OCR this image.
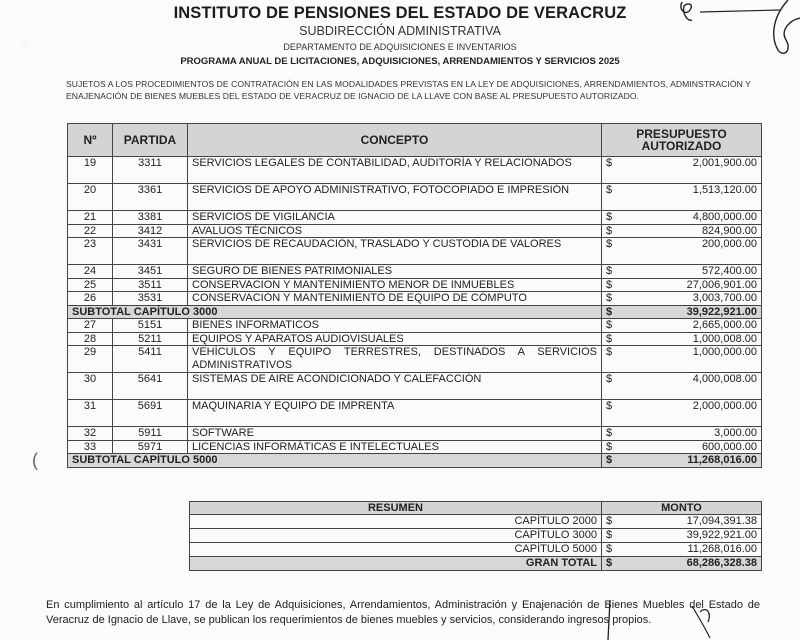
◌
INSTITUTO DE PENSIONES DEL ESTADO DE VERACRUZ
SUBDIRECCIÓN ADMINISTRATIVA
DEPARTAMENTO DE ADQUISICIONES E INVENTARIOS
PROGRAMA ANUAL DE LICITACIONES, ADQUISICIONES, ARRENDAMIENTOS Y SERVICIOS 2025
SUJETOS A LOS PROCEDIMIENTOS DE CONTRATACIÓN EN LAS MODALIDADES PREVISTAS EN LA LEY DE ADQUISICIONES, ARRENDAMIENTOS, ADMINSTRACIÓN Y ENAJENACIÓN DE BIENES MUEBLES DEL ESTADO DE VERACRUZ DE IGNACIO DE LA LLAVE CON BASE AL PRESUPUESTO AUTORIZADO.
Nº	PARTIDA	CONCEPTO	PRESUPUESTO AUTORIZADO	
19	3311	SERVICIOS LEGALES DE CONTABILIDAD, AUDITORÍA Y RELACIONADOS	$	2,001,900.00
20	3361	SERVICIOS DE APOYO ADMINISTRATIVO, FOTOCOPIADO E IMPRESIÓN	$	1,513,120.00
21	3381	SERVICIOS DE VIGILANCIA	$	4,800,000.00
22	3412	AVALUOS TÉCNICOS	$	824,900.00
23	3431	SERVICIOS DE RECAUDACIÓN, TRASLADO Y CUSTODIA DE VALORES	$	200,000.00
24	3451	SEGURO DE BIENES PATRIMONIALES	$	572,400.00
25	3511	CONSERVACION Y MANTENIMIENTO MENOR DE INMUEBLES	$	27,006,901.00
26	3531	CONSERVACIÓN Y MANTENIMIENTO DE EQUIPO DE CÓMPUTO	$	3,003,700.00
SUBTOTAL CAPÍTULO 3000			$	39,922,921.00
27	5151	BIENES INFORMATICOS	$	2,665,000.00
28	5211	EQUIPOS Y APARATOS AUDIOVISUALES	$	1,000,008.00
29	5411	VEHÍCULOS Y EQUIPO TERRESTRES, DESTINADOS A SERVICIOS ADMINISTRATIVOS	$	1,000,000.00
30	5641	SISTEMAS DE AIRE ACONDICIONADO Y CALEFACCIÓN	$	4,000,008.00
31	5691	MAQUINARIA Y EQUIPO DE IMPRENTA	$	2,000,000.00
32	5911	SOFTWARE	$	3,000.00
33	5971	LICENCIAS INFORMÁTICAS E INTELECTUALES	$	600,000.00
SUBTOTAL CAPÍTULO 5000			$	11,268,016.00
(
RESUMEN	MONTO	
CAPÍTULO 2000	$	17,094,391.38
CAPÍTULO 3000	$	39,922,921.00
CAPÍTULO 5000	$	11,268,016.00
GRAN TOTAL	$	68,286,328.38
En cumplimiento al artículo 17 de la Ley de Adquisiciones, Arrendamientos, Administración y Enajenación de Bienes Muebles del Estado de Veracruz de Ignacio de Llave, se publican los requerimientos de bienes muebles y servicios, considerando ingresos propios.
